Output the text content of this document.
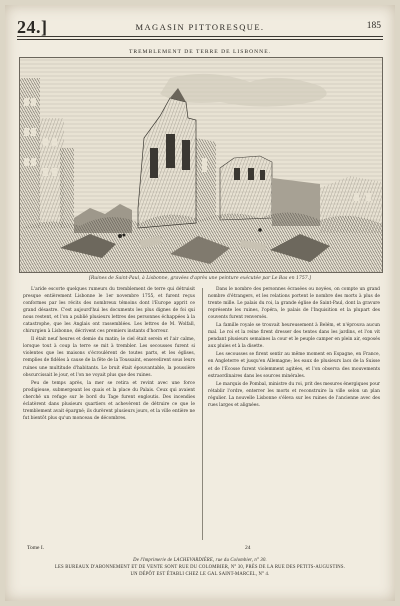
24.]	MAGASIN PITTORESQUE.	185
TREMBLEMENT DE TERRE DE LISBONNE.
[Ruines de Saint-Paul, à Lisbonne, gravées d'après une peinture exécutée par Le Bas en 1757.]

L'aride escorte quelques rumeurs du tremblement de terre qui détruisit presque entièrement Lisbonne le 1er novembre 1755, et furent reçus conformes par les récits des nombreux témoins dont l'Europe apprit ce grand désastre. C'est aujourd'hui les documents les plus dignes de foi qui nous restent, et l'on a publié plusieurs lettres des personnes échappées à la catastrophe, que les Anglais ont rassemblées. Les lettres de M. Wolfall, chirurgien à Lisbonne, décrivent ces premiers instants d'horreur.

Il était neuf heures et demie du matin; le ciel était serein et l'air calme, lorsque tout à coup la terre se mit à trembler. Les secousses furent si violentes que les maisons s'écroulèrent de toutes parts, et les églises, remplies de fidèles à cause de la fête de la Toussaint, ensevelirent sous leurs ruines une multitude d'habitants. Le bruit était épouvantable, la poussière obscurcissait le jour, et l'on ne voyait plus que des ruines.

Peu de temps après, la mer se retira et revint avec une force prodigieuse, submergeant les quais et la place du Palais. Ceux qui avaient cherché un refuge sur le bord du Tage furent engloutis. Des incendies éclatèrent dans plusieurs quartiers et achevèrent de détruire ce que le tremblement avait épargné; ils durèrent plusieurs jours, et la ville entière ne fut bientôt plus qu'un monceau de décombres.

Dans le nombre des personnes écrasées ou noyées, on compte un grand nombre d'étrangers, et les relations portent le nombre des morts à plus de trente mille. Le palais du roi, la grande église de Saint-Paul, dont la gravure représente les ruines, l'opéra, le palais de l'Inquisition et la plupart des couvents furent renversés.

La famille royale se trouvait heureusement à Belém, et n'éprouva aucun mal. Le roi et la reine firent dresser des tentes dans les jardins, et l'on vit pendant plusieurs semaines la cour et le peuple camper en plein air, exposés aux pluies et à la disette.

Les secousses se firent sentir au même moment en Espagne, en France, en Angleterre et jusqu'en Allemagne; les eaux de plusieurs lacs de la Suisse et de l'Écosse furent violemment agitées, et l'on observa des mouvements extraordinaires dans les sources minérales.

Le marquis de Pombal, ministre du roi, prit des mesures énergiques pour rétablir l'ordre, enterrer les morts et reconstruire la ville selon un plan régulier. La nouvelle Lisbonne s'éleva sur les ruines de l'ancienne avec des rues larges et alignées.

Tome I.	24
De l'Imprimerie de LACHEVARDIÈRE, rue du Colombier, n° 30.
LES BUREAUX D'ABONNEMENT ET DE VENTE SONT RUE DU COLOMBIER, N° 30, PRÈS DE LA RUE DES PETITS-AUGUSTINS.
UN DÉPÔT EST ÉTABLI CHEZ LE GAL SAINT-MARCEL, N° 4.
